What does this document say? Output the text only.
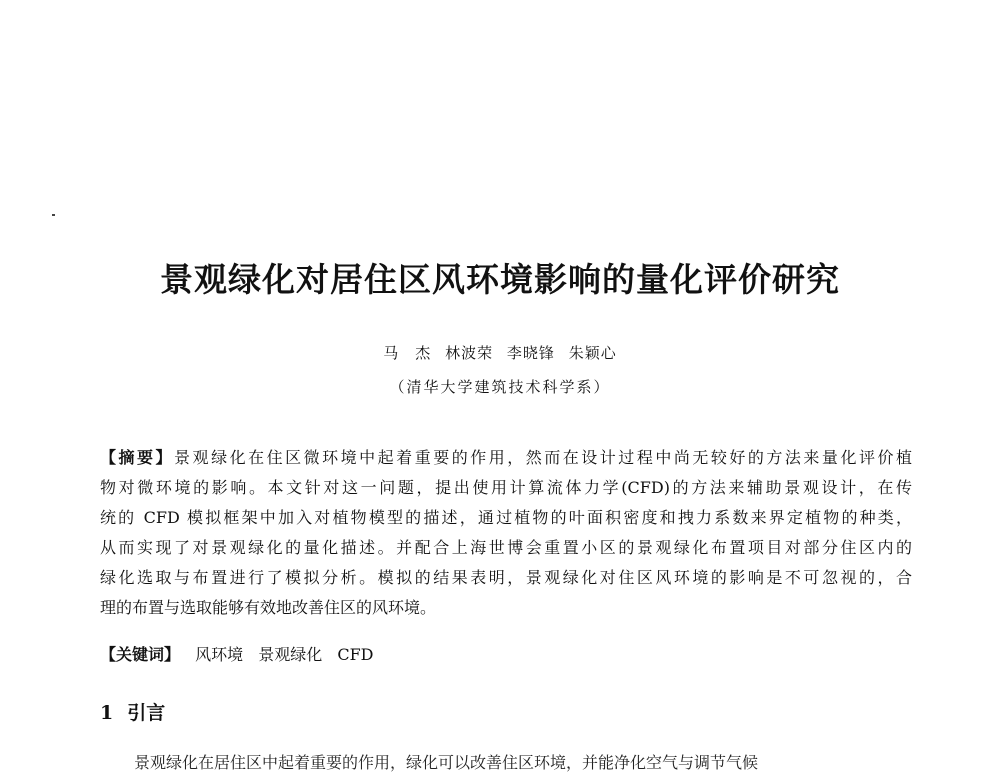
景观绿化对居住区风环境影响的量化评价研究
马　杰 林波荣 李晓锋 朱颖心
（清华大学建筑技术科学系）
【摘要】景观绿化在住区微环境中起着重要的作用，然而在设计过程中尚无较好的方法来量化评价植
物对微环境的影响。本文针对这一问题，提出使用计算流体力学(CFD)的方法来辅助景观设计，在传
统的 CFD 模拟框架中加入对植物模型的描述，通过植物的叶面积密度和拽力系数来界定植物的种类，
从而实现了对景观绿化的量化描述。并配合上海世博会重置小区的景观绿化布置项目对部分住区内的
绿化选取与布置进行了模拟分析。模拟的结果表明，景观绿化对住区风环境的影响是不可忽视的，合
理的布置与选取能够有效地改善住区的风环境。
【关键词】 风环境 景观绿化 CFD
1 引言
景观绿化在居住区中起着重要的作用，绿化可以改善住区环境，并能净化空气与调节气候
